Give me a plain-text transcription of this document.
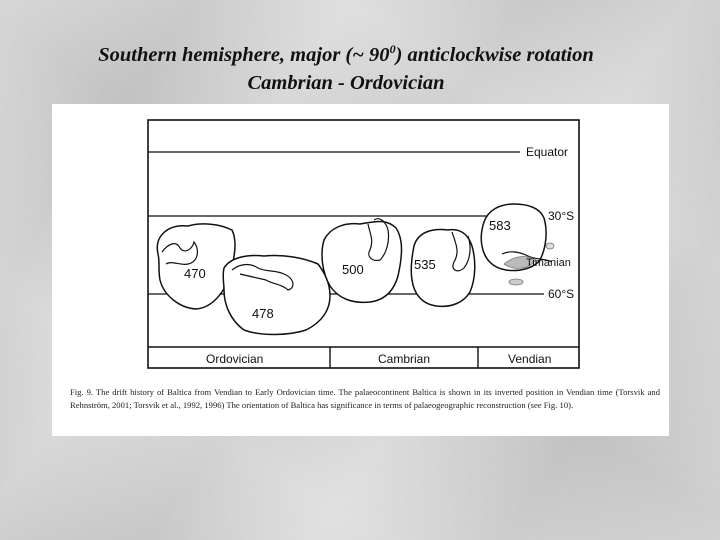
Southern hemisphere, major (~ $90^0$) anticlockwise rotation
Cambrian - Ordovician
Equator
30°S
60°S
470
478
500	535
583
Timanian
Ordovician	Cambrian	Vendian
Fig. 9. The drift history of Baltica from Vendian to Early Ordovician time. The palaeocontinent Baltica is shown in its inverted position in Vendian time (Torsvik and Rehnström, 2001; Torsvik et al., 1992, 1996) The orientation of Baltica has significance in terms of palaeogeographic reconstruction (see Fig. 10).
